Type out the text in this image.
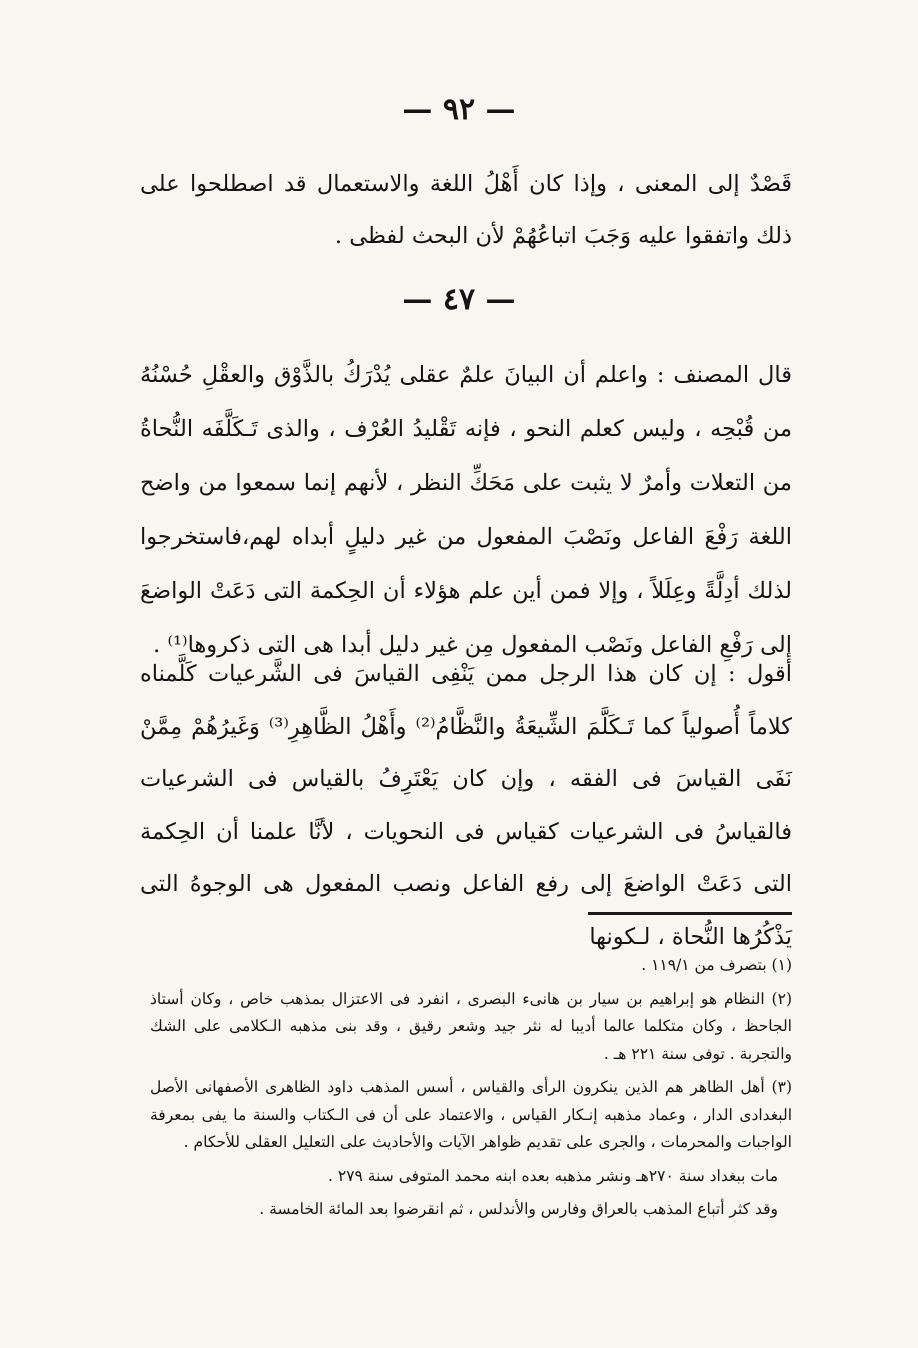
— ٩٢ —

قَصْدٌ إلى المعنى ، وإذا كان أَهْلُ اللغة والاستعمال قد اصطلحوا على ذلك واتفقوا عليه وَجَبَ اتباعُهُمْ لأن البحث لفظى .

— ٤٧ —

قال المصنف : واعلم أن البيانَ علمٌ عقلى يُدْرَكُ بالذَّوْق والعقْلِ حُسْنُهُ من قُبْحِه ، وليس كعلم النحو ، فإنه تَقْليدُ العُرْف ، والذى تَـكَلَّفَه النُّحاةُ من التعلات وأمرٌ لا يثبت على مَحَكِّ النظر ، لأنهم إنما سمعوا من واضح اللغة رَفْعَ الفاعل ونَصْبَ المفعول من غير دليلٍ أبداه لهم،فاستخرجوا لذلك أدِلَّةً وعِلَلاً ، وإلا فمن أين علم هؤلاء أن الحِكمة التى دَعَتْ الواضعَ إلى رَفْعِ الفاعل ونَصْب المفعول مِن غير دليل أبدا هى التى ذكروها⁽¹⁾ .

أقول : إن كان هذا الرجل ممن يَنْفِى القياسَ فى الشَّرعيات كَلَّمناه كلاماً أُصولياً كما تَـكَلَّمَ الشِّيعَةُ والنَّظَّامُ⁽²⁾ وأَهْلُ الظَّاهِرِ⁽³⁾ وَغَيرُهُمْ مِمَّنْ نَفَى القياسَ فى الفقه ، وإن كان يَعْتَرِفُ بالقياس فى الشرعيات فالقياسُ فى الشرعيات كقياس فى النحويات ، لأنَّا علمنا أن الحِكمة التى دَعَتْ الواضعَ إلى رفع الفاعل ونصب المفعول هى الوجوهُ التى يَذْكُرُها النُّحاة ، لـكونها

(١) بتصرف من ١١٩/١ .

(٢) النظام هو إبراهيم بن سيار بن هانىء البصرى ، انفرد فى الاعتزال بمذهب خاص ، وكان أستاذ الجاحظ ، وكان متكلما عالما أديبا له نثر جيد وشعر رقيق ، وقد بنى مذهبه الـكلامى على الشك والتجربة . توفى سنة ٢٢١ هـ .

(٣) أهل الظاهر هم الذين ينكرون الرأى والقياس ، أسس المذهب داود الظاهرى الأصفهانى الأصل البغدادى الدار ، وعماد مذهبه إنـكار القياس ، والاعتماد على أن فى الـكتاب والسنة ما يفى بمعرفة الواجبات والمحرمات ، والجرى على تقديم ظواهر الآيات والأحاديث على التعليل العقلى للأحكام .

مات ببغداد سنة ٢٧٠هـ ونشر مذهبه بعده ابنه محمد المتوفى سنة ٢٧٩ .

وقد كثر أتباع المذهب بالعراق وفارس والأندلس ، ثم انقرضوا بعد المائة الخامسة .
